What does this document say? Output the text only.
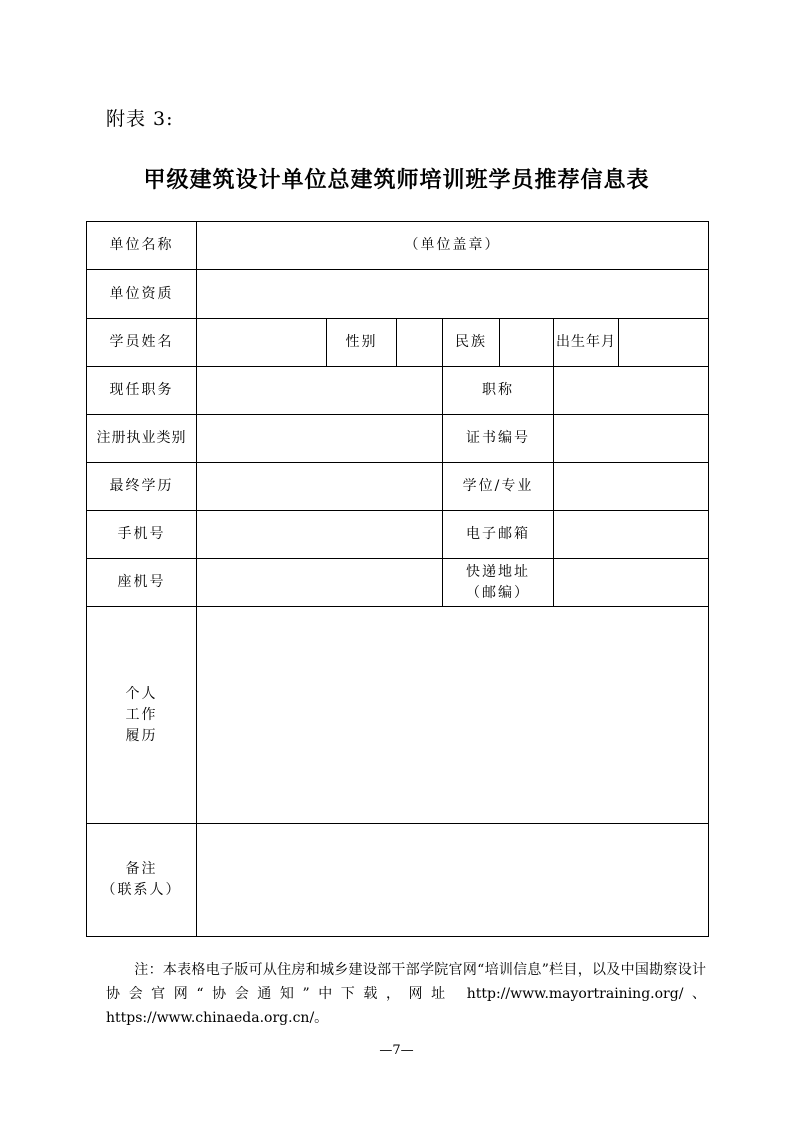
附表 3:
甲级建筑设计单位总建筑师培训班学员推荐信息表
单位名称	（单位盖章）						
单位资质							
学员姓名		性别		民族		出生年月	
现任职务				职称			
注册执业类别				证书编号			
最终学历				学位/专业			
手机号				电子邮箱			
座机号				快递地址
（邮编）			

个人
工作
履历							

备注
（联系人）							

注：本表格电子版可从住房和城乡建设部干部学院官网“培训信息”栏目，以及中国勘察设计协会官网“协会通知”中下载，网址 http://www.mayortraining.org/、https://www.chinaeda.org.cn/。
—7—
